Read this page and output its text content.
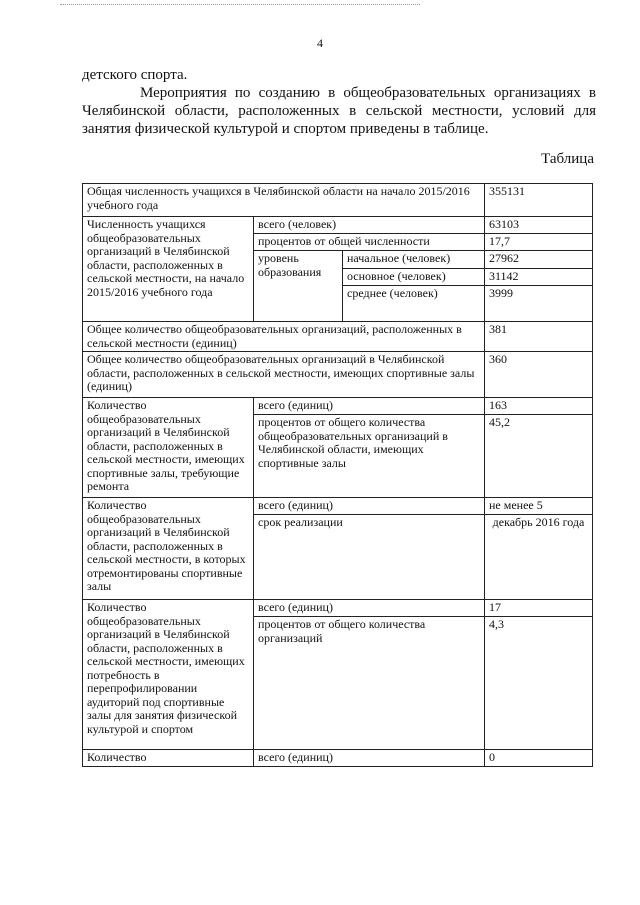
4
детского спорта.
Мероприятия по созданию в общеобразовательных организациях в Челябинской области, расположенных в сельской местности, условий для занятия физической культурой и спортом приведены в таблице.
Таблица
Общая численность учащихся в Челябинской области на начало 2015/2016 учебного года			355131
Численность учащихся общеобразовательных организаций в Челябинской области, расположенных в сельской местности, на начало 2015/2016 учебного года	всего (человек)		63103
	процентов от общей численности		17,7
	уровень образования	начальное (человек)	27962
		основное (человек)	31142
		среднее (человек)	3999
Общее количество общеобразовательных организаций, расположенных в сельской местности (единиц)			381
Общее количество общеобразовательных организаций в Челябинской области, расположенных в сельской местности, имеющих спортивные залы (единиц)			360
Количество общеобразовательных организаций в Челябинской области, расположенных в сельской местности, имеющих спортивные залы, требующие ремонта	всего (единиц)		163
	процентов от общего количества общеобразовательных организаций в Челябинской области, имеющих спортивные залы		45,2
Количество общеобразовательных организаций в Челябинской области, расположенных в сельской местности, в которых отремонтированы спортивные залы	всего (единиц)		не менее 5
	срок реализации		декабрь 2016 года
Количество общеобразовательных организаций в Челябинской области, расположенных в сельской местности, имеющих потребность в перепрофилировании аудиторий под спортивные залы для занятия физической культурой и спортом	всего (единиц)		17
	процентов от общего количества организаций		4,3
Количество	всего (единиц)		0
